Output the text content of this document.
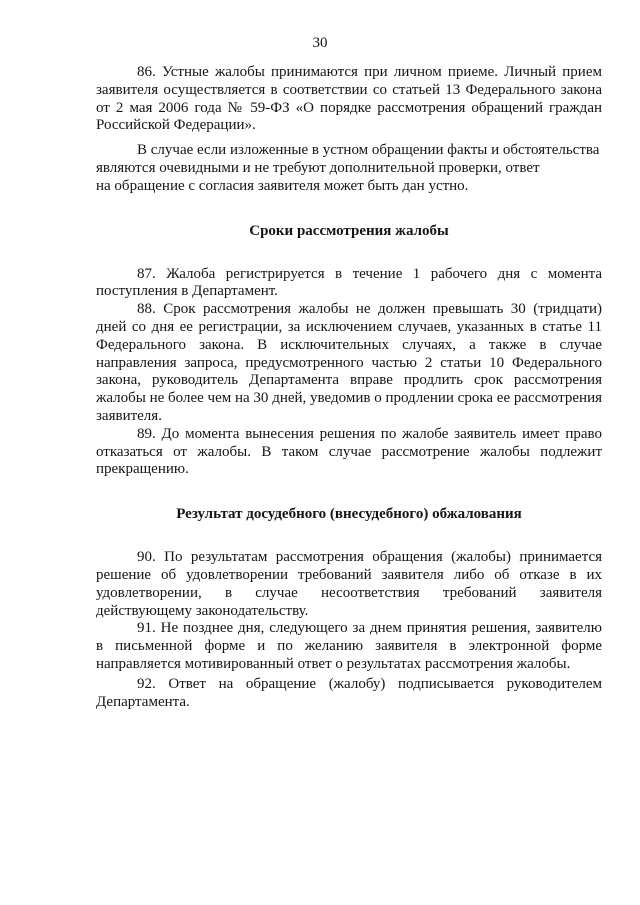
30

86. Устные жалобы принимаются при личном приеме. Личный прием заявителя осуществляется в соответствии со статьей 13 Федерального закона от 2 мая 2006 года № 59-ФЗ «О порядке рассмотрения обращений граждан Российской Федерации».

В случае если изложенные в устном обращении факты и обстоятельства являются очевидными и не требуют дополнительной проверки, ответ
на обращение с согласия заявителя может быть дан устно.

Сроки рассмотрения жалобы

87. Жалоба регистрируется в течение 1 рабочего дня с момента поступления в Департамент.

88. Срок рассмотрения жалобы не должен превышать 30 (тридцати) дней со дня ее регистрации, за исключением случаев, указанных в статье 11 Федерального закона. В исключительных случаях, а также в случае направления запроса, предусмотренного частью 2 статьи 10 Федерального закона, руководитель Департамента вправе продлить срок рассмотрения жалобы не более чем на 30 дней, уведомив о продлении срока ее рассмотрения заявителя.

89. До момента вынесения решения по жалобе заявитель имеет право отказаться от жалобы. В таком случае рассмотрение жалобы подлежит прекращению.

Результат досудебного (внесудебного) обжалования

90. По результатам рассмотрения обращения (жалобы) принимается решение об удовлетворении требований заявителя либо об отказе в их удовлетворении, в случае несоответствия требований заявителя действующему законодательству.

91. Не позднее дня, следующего за днем принятия решения, заявителю в письменной форме и по желанию заявителя в электронной форме направляется мотивированный ответ о результатах рассмотрения жалобы.

92. Ответ на обращение (жалобу) подписывается руководителем Департамента.
